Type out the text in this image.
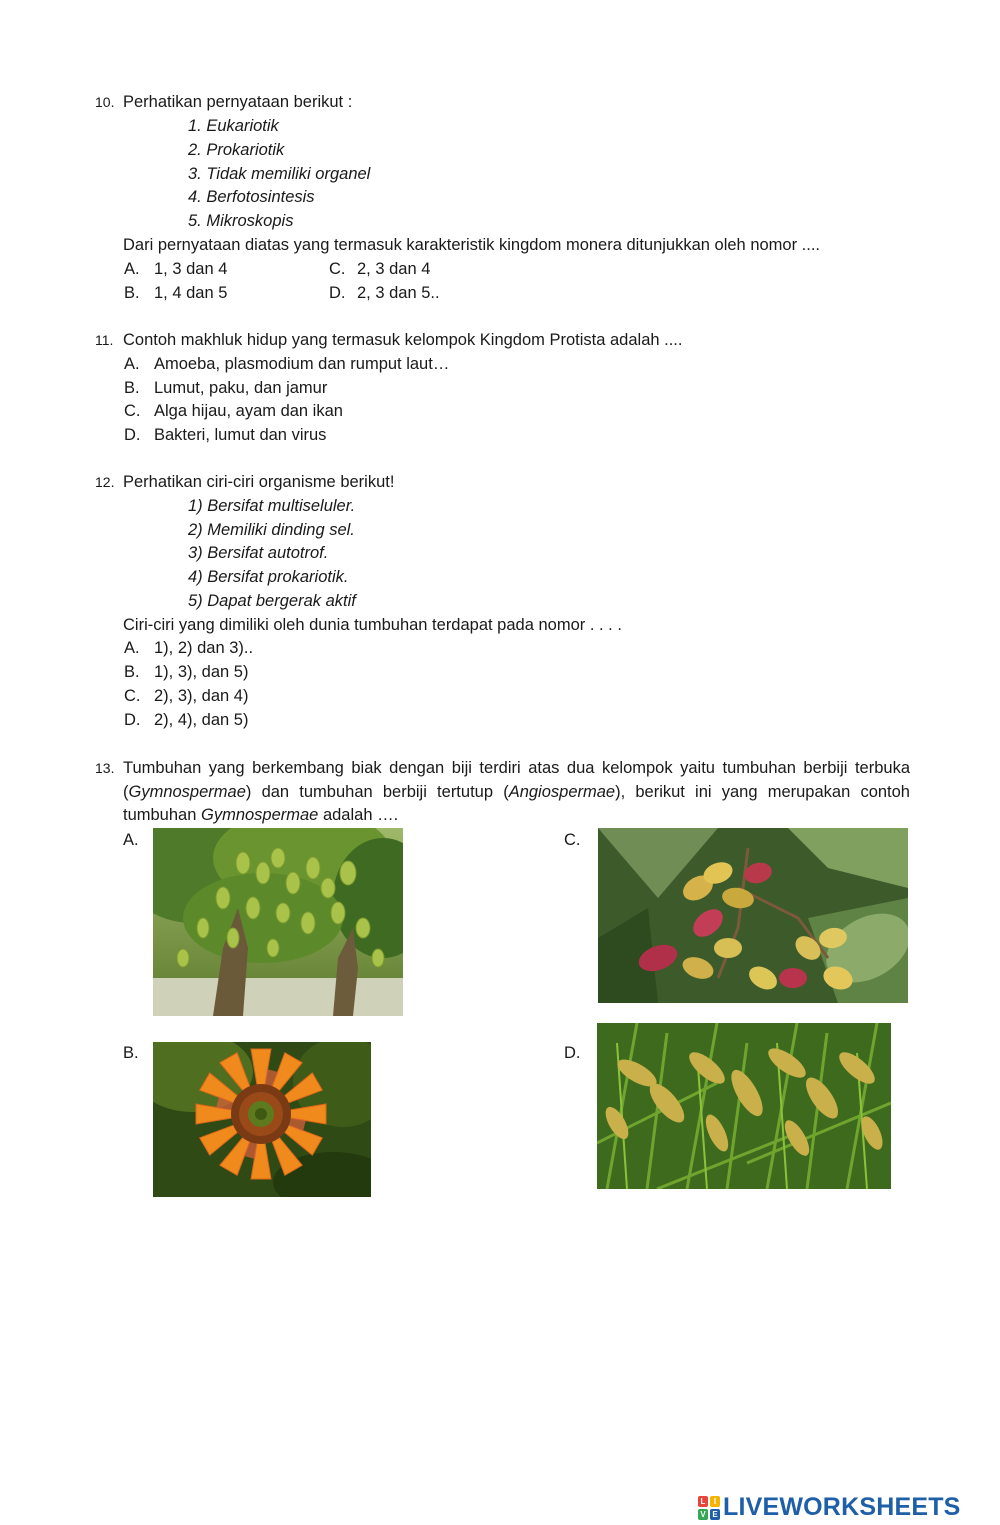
10. Perhatikan pernyataan berikut :
1. Eukariotik
2. Prokariotik
3. Tidak memiliki organel
4. Berfotosintesis
5. Mikroskopis
Dari pernyataan diatas yang termasuk karakteristik kingdom monera ditunjukkan oleh nomor ....
A. 1, 3 dan 4
B. 1, 4 dan 5
C. 2, 3 dan 4
D. 2, 3 dan 5..
11. Contoh makhluk hidup yang termasuk kelompok Kingdom Protista adalah ....
A. Amoeba, plasmodium dan rumput laut…
B. Lumut, paku, dan jamur
C. Alga hijau, ayam dan ikan
D. Bakteri, lumut dan virus
12. Perhatikan ciri-ciri organisme berikut!
1) Bersifat multiseluler.
2) Memiliki dinding sel.
3) Bersifat autotrof.
4) Bersifat prokariotik.
5) Dapat bergerak aktif
Ciri-ciri yang dimiliki oleh dunia tumbuhan terdapat pada nomor . . . .
A. 1), 2) dan 3)..
B. 1), 3), dan 5)
C. 2), 3), dan 4)
D. 2), 4), dan 5)
13. Tumbuhan yang berkembang biak dengan biji terdiri atas dua kelompok yaitu tumbuhan berbiji terbuka (Gymnospermae) dan tumbuhan berbiji tertutup (Angiospermae), berikut ini yang merupakan contoh tumbuhan Gymnospermae adalah ….
A.	C.
B.	D.
L	I
V E LIVEWORKSHEETS
